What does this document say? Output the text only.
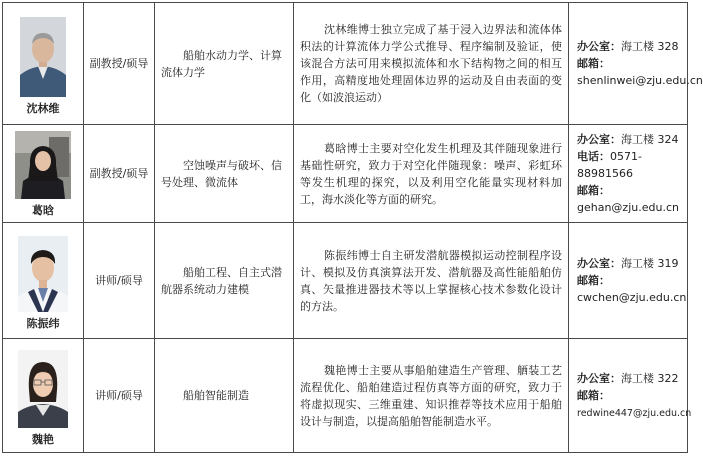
沈林维	副教授/硕导	船舶水动力学、计算流体力学	沈林维博士独立完成了基于浸入边界法和流体体积法的计算流体力学公式推导、程序编制及验证，使该混合方法可用来模拟流体和水下结构物之间的相互作用，高精度地处理固体边界的运动及自由表面的变化（如波浪运动）	办公室：海工楼 328
邮箱：shenlinwei@zju.edu.cn

葛晗	副教授/硕导	空蚀噪声与破坏、信号处理、微流体	葛晗博士主要对空化发生机理及其伴随现象进行基础性研究，致力于对空化伴随现象：噪声、彩虹环等发生机理的探究，以及利用空化能量实现材料加工，海水淡化等方面的研究。	办公室：海工楼 324
电话：0571-88981566
邮箱：gehan@zju.edu.cn

陈振纬	讲师/硕导	船舶工程、自主式潜航器系统动力建模	陈振纬博士自主研发潜航器模拟运动控制程序设计、模拟及仿真演算法开发、潜航器及高性能船舶仿真、矢量推进器技术等以上掌握核心技术参数化设计的方法。	办公室：海工楼 319
邮箱：cwchen@zju.edu.cn

魏艳	讲师/硕导	船舶智能制造	魏艳博士主要从事船舶建造生产管理、舾装工艺流程优化、船舶建造过程仿真等方面的研究，致力于将虚拟现实、三维重建、知识推荐等技术应用于船舶设计与制造，以提高船舶智能制造水平。	办公室：海工楼 322
邮箱：redwine447@zju.edu.cn
